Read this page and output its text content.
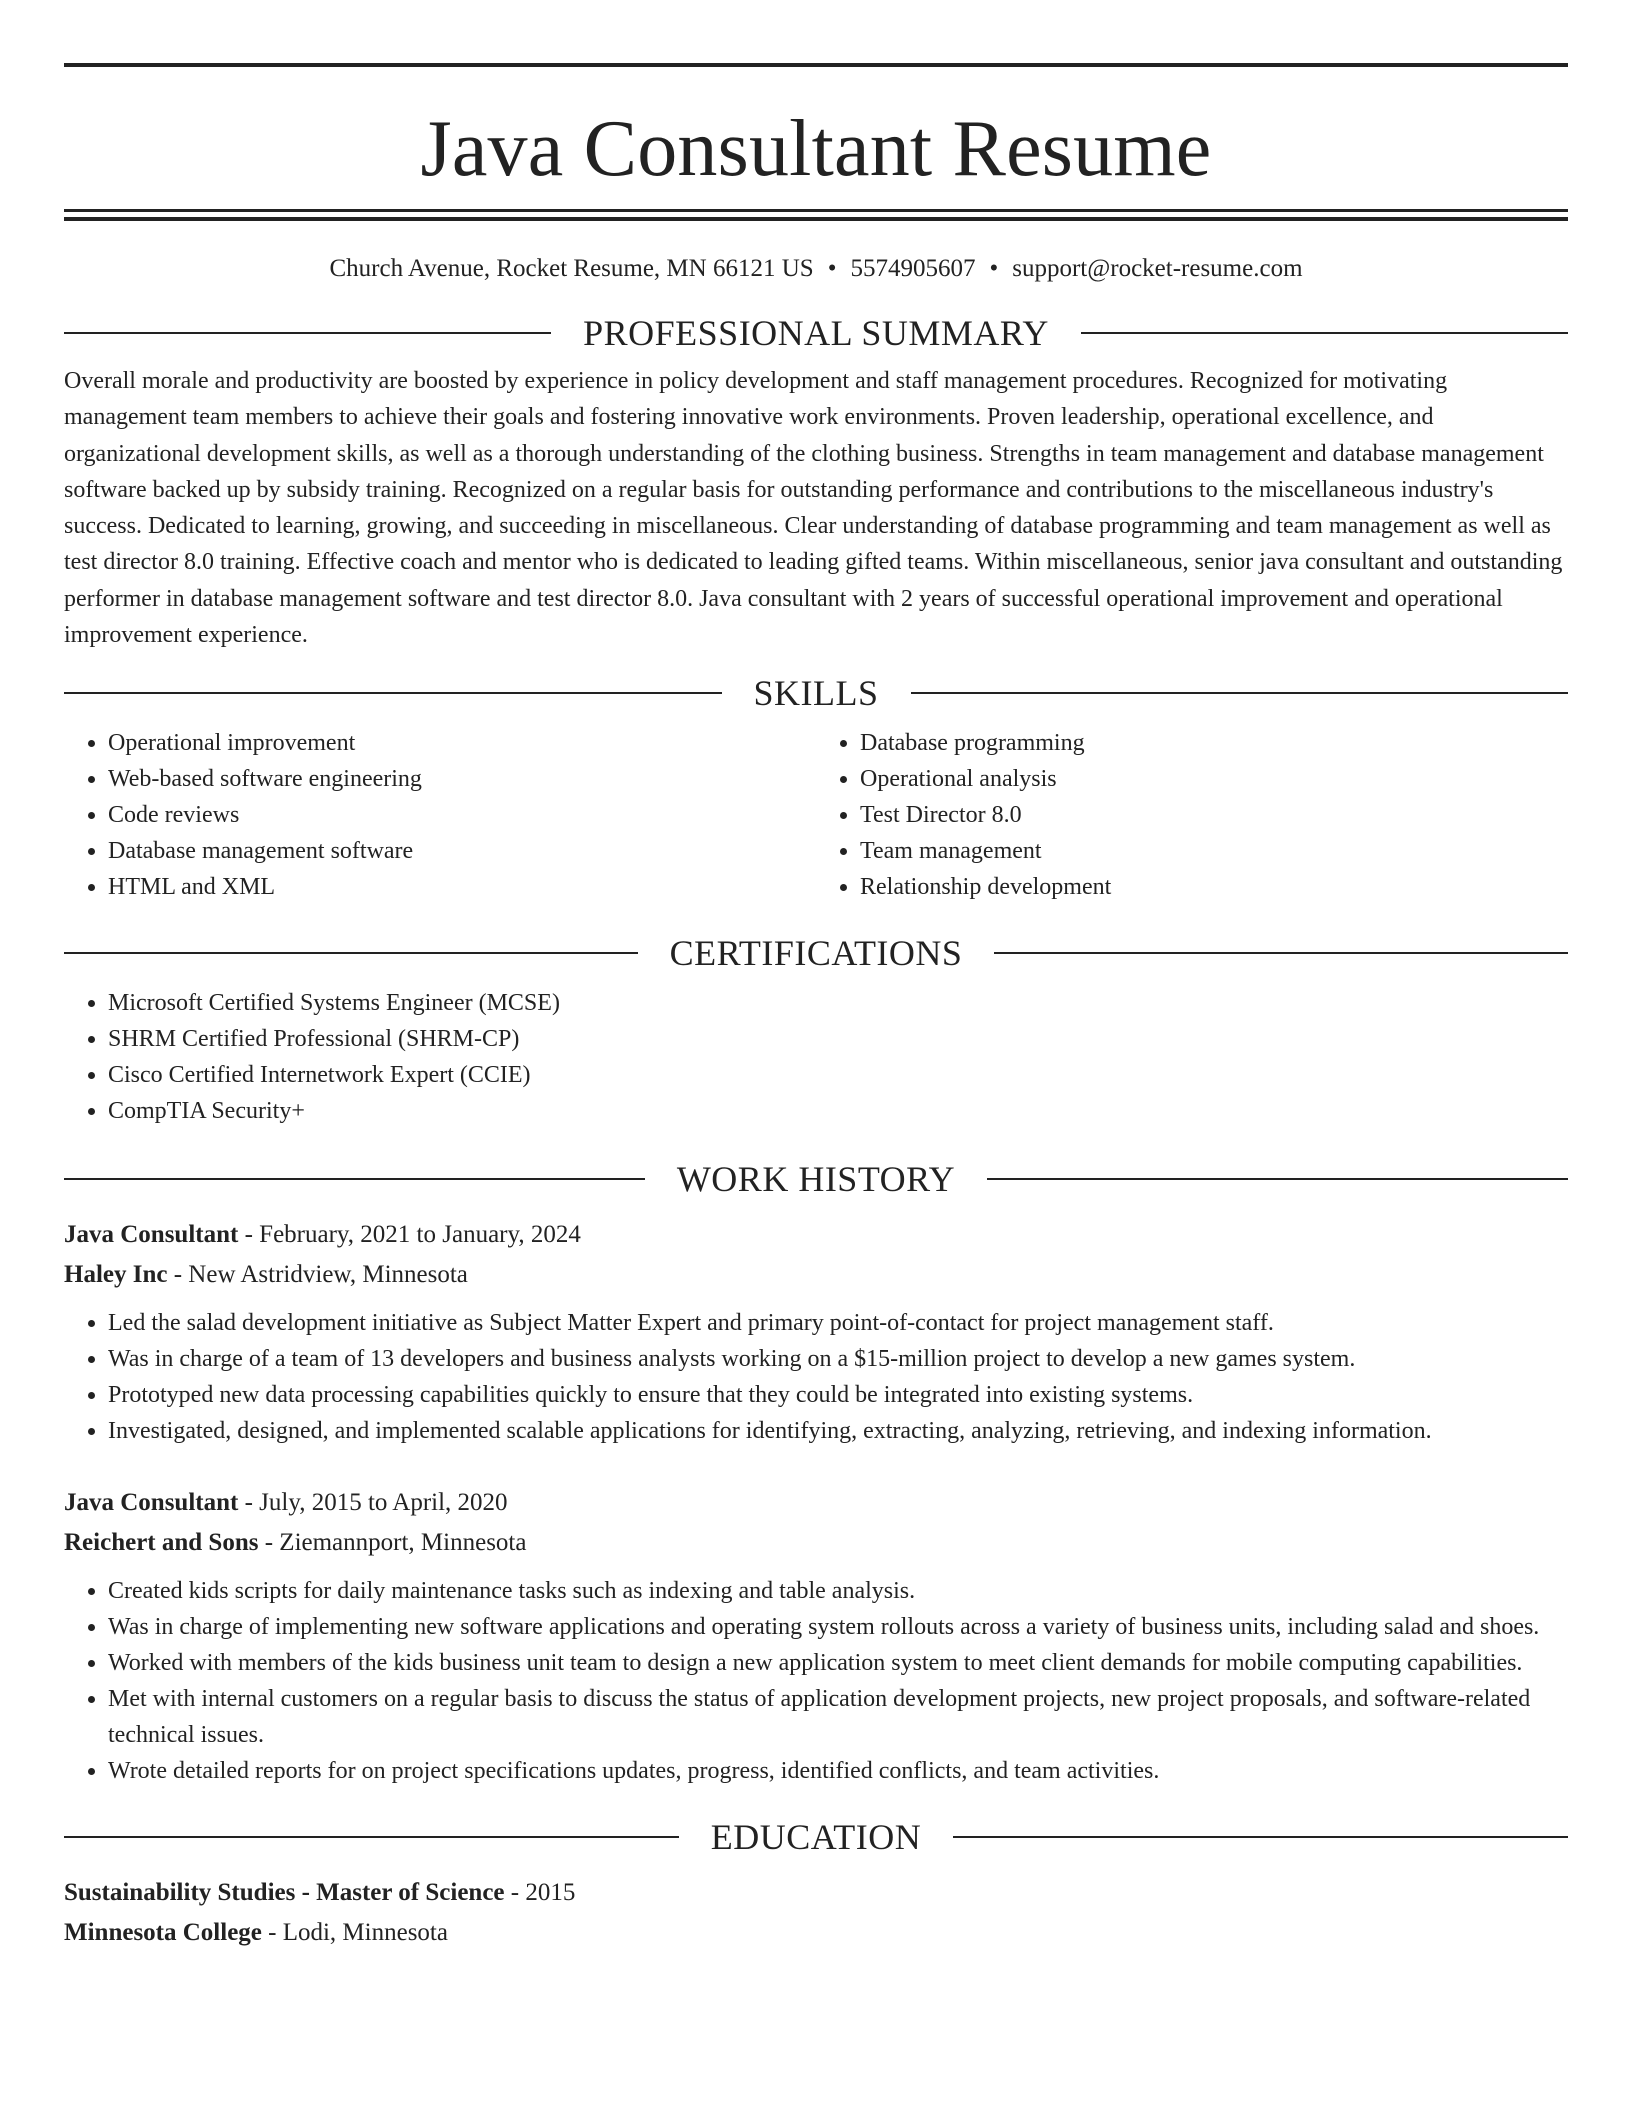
Java Consultant Resume
Church Avenue, Rocket Resume, MN 66121 US • 5574905607 • support@rocket-resume.com
PROFESSIONAL SUMMARY

Overall morale and productivity are boosted by experience in policy development and staff management procedures. Recognized for motivating management team members to achieve their goals and fostering innovative work environments. Proven leadership, operational excellence, and organizational development skills, as well as a thorough understanding of the clothing business. Strengths in team management and database management software backed up by subsidy training. Recognized on a regular basis for outstanding performance and contributions to the miscellaneous industry's success. Dedicated to learning, growing, and succeeding in miscellaneous. Clear understanding of database programming and team management as well as test director 8.0 training. Effective coach and mentor who is dedicated to leading gifted teams. Within miscellaneous, senior java consultant and outstanding performer in database management software and test director 8.0. Java consultant with 2 years of successful operational improvement and operational improvement experience.

SKILLS
• Operational improvement
• Web-based software engineering
• Code reviews
• Database management software
• HTML and XML
• Database programming
• Operational analysis
• Test Director 8.0
• Team management
• Relationship development
CERTIFICATIONS
• Microsoft Certified Systems Engineer (MCSE)
• SHRM Certified Professional (SHRM-CP)
• Cisco Certified Internetwork Expert (CCIE)
• CompTIA Security+
WORK HISTORY
Java Consultant - February, 2021 to January, 2024
Haley Inc - New Astridview, Minnesota
• Led the salad development initiative as Subject Matter Expert and primary point-of-contact for project management staff.
• Was in charge of a team of 13 developers and business analysts working on a $15-million project to develop a new games system.
• Prototyped new data processing capabilities quickly to ensure that they could be integrated into existing systems.
• Investigated, designed, and implemented scalable applications for identifying, extracting, analyzing, retrieving, and indexing information.
Java Consultant - July, 2015 to April, 2020
Reichert and Sons - Ziemannport, Minnesota
• Created kids scripts for daily maintenance tasks such as indexing and table analysis.
• Was in charge of implementing new software applications and operating system rollouts across a variety of business units, including salad and shoes.
• Worked with members of the kids business unit team to design a new application system to meet client demands for mobile computing capabilities.
• Met with internal customers on a regular basis to discuss the status of application development projects, new project proposals, and software-related technical issues.
• Wrote detailed reports for on project specifications updates, progress, identified conflicts, and team activities.
EDUCATION
Sustainability Studies - Master of Science - 2015
Minnesota College - Lodi, Minnesota
